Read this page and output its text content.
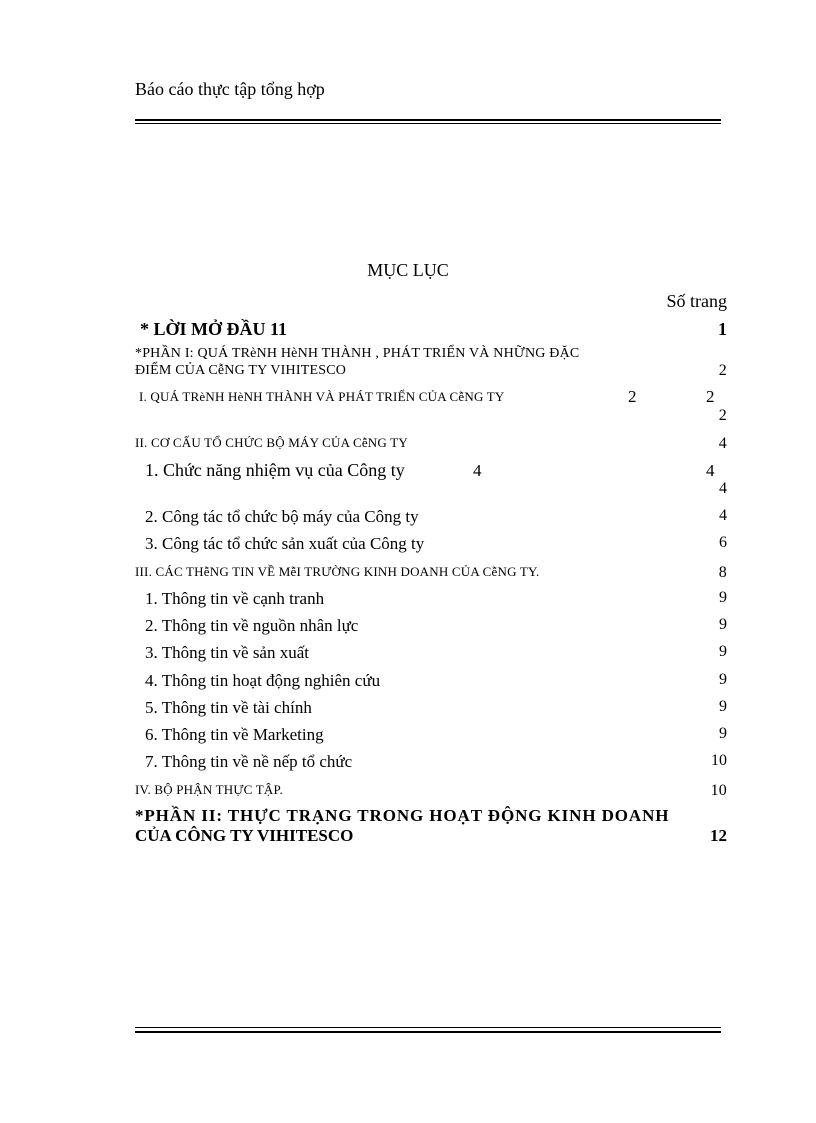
Báo cáo thực tập tổng hợp
MỤC LỤC
Số trang
* LỜI MỞ ĐẦU 11	1
*PHẦN I: QUÁ TRèNH HèNH THÀNH , PHÁT TRIỂN VÀ NHỮNG ĐẶC
ĐIỂM CỦA CễNG TY VIHITESCO	2
I. QUÁ TRèNH HèNH THÀNH VÀ PHÁT TRIỂN CỦA CễNG TY	2	2
2
II. CƠ CẤU TỔ CHỨC BỘ MÁY CỦA CễNG TY	4
1. Chức năng nhiệm vụ của Công ty	4	4
4
2. Công tác tổ chức bộ máy của Công ty	4
3. Công tác tổ chức sản xuất của Công ty	6
III. CÁC THễNG TIN VỀ MễI TRƯỜNG KINH DOANH CỦA CễNG TY.	8
1. Thông tin về cạnh tranh	9
2. Thông tin về nguồn nhân lực	9
3. Thông tin về sản xuất	9
4. Thông tin hoạt động nghiên cứu	9
5. Thông tin về tài chính	9
6. Thông tin về Marketing	9
7. Thông tin về nề nếp tổ chức	10
IV. BỘ PHẬN THỰC TẬP.	10
*PHẦN II: THỰC TRẠNG TRONG HOẠT ĐỘNG KINH DOANH
CỦA CÔNG TY VIHITESCO	12
